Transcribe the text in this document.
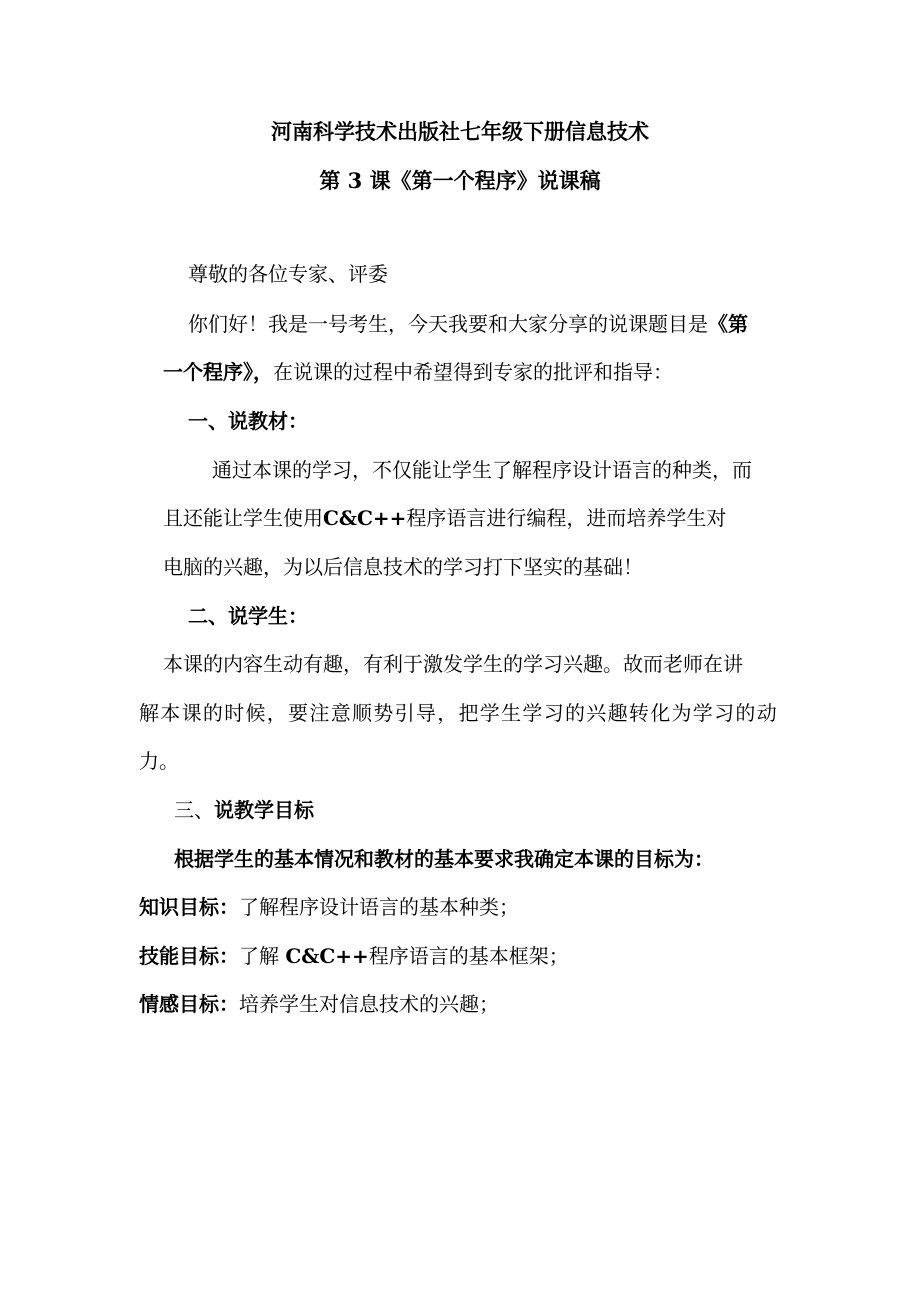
河南科学技术出版社七年级下册信息技术
第 3 课《第一个程序》说课稿
尊敬的各位专家、评委
你们好！我是一号考生，今天我要和大家分享的说课题目是《第
一个程序》，在说课的过程中希望得到专家的批评和指导：
一、说教材：
通过本课的学习，不仅能让学生了解程序设计语言的种类，而
且还能让学生使用C&C++程序语言进行编程，进而培养学生对
电脑的兴趣，为以后信息技术的学习打下坚实的基础！
二、说学生：
本课的内容生动有趣，有利于激发学生的学习兴趣。故而老师在讲
解本课的时候，要注意顺势引导，把学生学习的兴趣转化为学习的动
力。
三、说教学目标
根据学生的基本情况和教材的基本要求我确定本课的目标为：
知识目标：了解程序设计语言的基本种类；
技能目标：了解 C&C++程序语言的基本框架；
情感目标：培养学生对信息技术的兴趣；
